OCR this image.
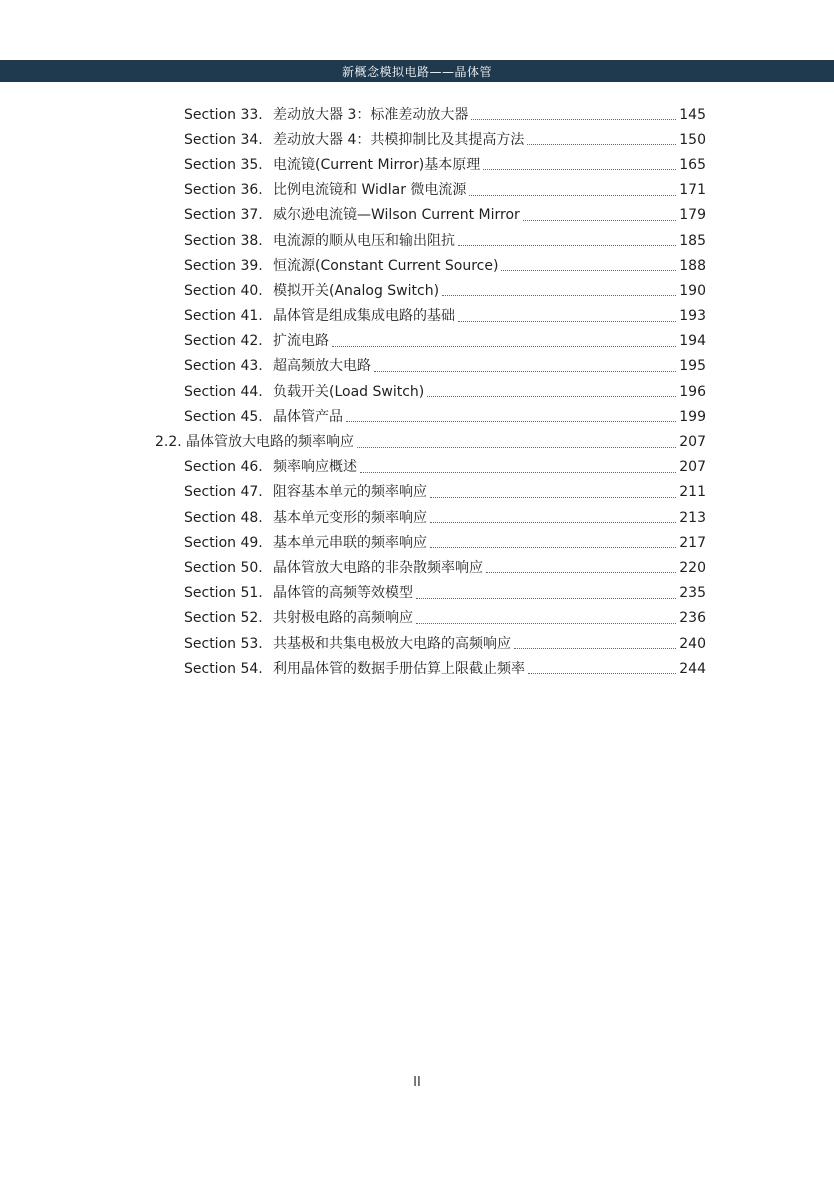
新概念模拟电路——晶体管
Section 33. 差动放大器 3：标准差动放大器	145
Section 34. 差动放大器 4：共模抑制比及其提高方法	150
Section 35. 电流镜(Current Mirror)基本原理	165
Section 36. 比例电流镜和 Widlar 微电流源	171
Section 37. 威尔逊电流镜—Wilson Current Mirror	179
Section 38. 电流源的顺从电压和输出阻抗	185
Section 39. 恒流源(Constant Current Source)	188
Section 40. 模拟开关(Analog Switch)	190
Section 41. 晶体管是组成集成电路的基础	193
Section 42. 扩流电路	194
Section 43. 超高频放大电路	195
Section 44. 负载开关(Load Switch)	196
Section 45. 晶体管产品	199
2.2. 晶体管放大电路的频率响应	207
Section 46. 频率响应概述	207
Section 47. 阻容基本单元的频率响应	211
Section 48. 基本单元变形的频率响应	213
Section 49. 基本单元串联的频率响应	217
Section 50. 晶体管放大电路的非杂散频率响应	220
Section 51. 晶体管的高频等效模型	235
Section 52. 共射极电路的高频响应	236
Section 53. 共基极和共集电极放大电路的高频响应	240
Section 54. 利用晶体管的数据手册估算上限截止频率	244
II
